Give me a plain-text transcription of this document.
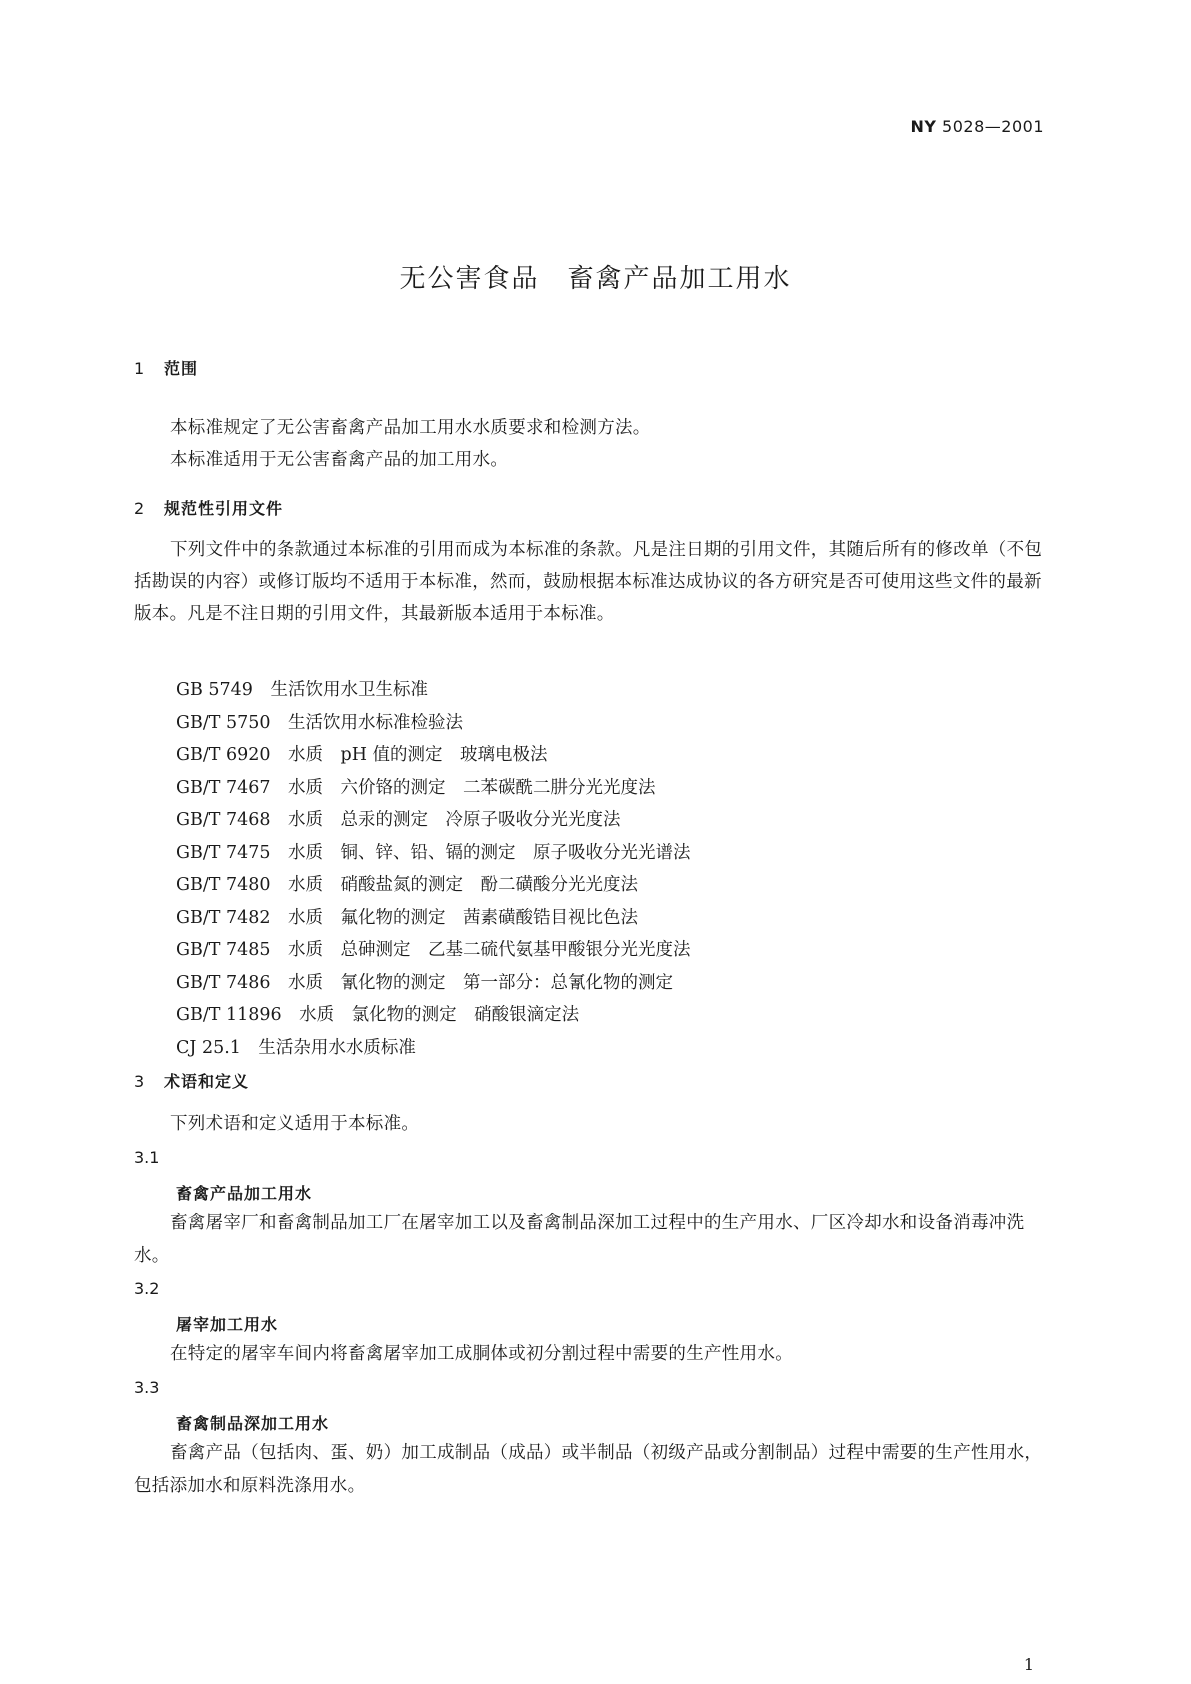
NY 5028—2001
无公害食品　畜禽产品加工用水
1 范围
本标准规定了无公害畜禽产品加工用水水质要求和检测方法。
本标准适用于无公害畜禽产品的加工用水。
2 规范性引用文件
下列文件中的条款通过本标准的引用而成为本标准的条款。凡是注日期的引用文件，其随后所有的修改单（不包括勘误的内容）或修订版均不适用于本标准，然而，鼓励根据本标准达成协议的各方研究是否可使用这些文件的最新版本。凡是不注日期的引用文件，其最新版本适用于本标准。
GB 5749　生活饮用水卫生标准
GB/T 5750　生活饮用水标准检验法
GB/T 6920　水质　pH 值的测定　玻璃电极法
GB/T 7467　水质　六价铬的测定　二苯碳酰二肼分光光度法
GB/T 7468　水质　总汞的测定　冷原子吸收分光光度法
GB/T 7475　水质　铜、锌、铅、镉的测定　原子吸收分光光谱法
GB/T 7480　水质　硝酸盐氮的测定　酚二磺酸分光光度法
GB/T 7482　水质　氟化物的测定　茜素磺酸锆目视比色法
GB/T 7485　水质　总砷测定　乙基二硫代氨基甲酸银分光光度法
GB/T 7486　水质　氰化物的测定　第一部分：总氰化物的测定
GB/T 11896　水质　氯化物的测定　硝酸银滴定法
CJ 25.1　生活杂用水水质标准
3 术语和定义
下列术语和定义适用于本标准。
3.1
畜禽产品加工用水
畜禽屠宰厂和畜禽制品加工厂在屠宰加工以及畜禽制品深加工过程中的生产用水、厂区冷却水和设备消毒冲洗水。
3.2
屠宰加工用水
在特定的屠宰车间内将畜禽屠宰加工成胴体或初分割过程中需要的生产性用水。
3.3
畜禽制品深加工用水
畜禽产品（包括肉、蛋、奶）加工成制品（成品）或半制品（初级产品或分割制品）过程中需要的生产性用水，包括添加水和原料洗涤用水。
1
